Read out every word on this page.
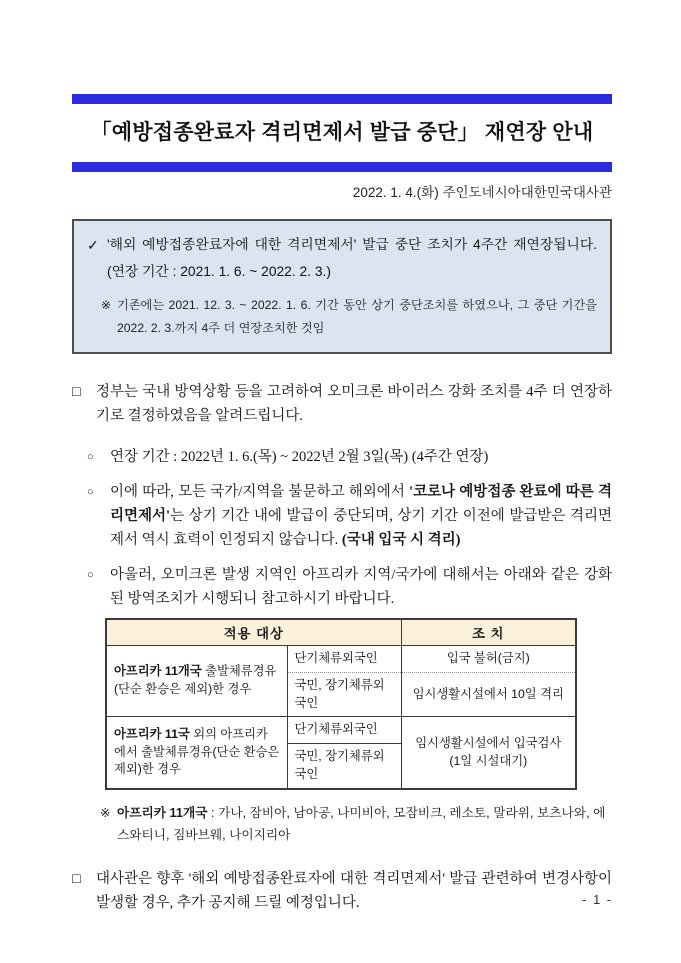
「예방접종완료자 격리면제서 발급 중단」 재연장 안내
2022. 1. 4.(화) 주인도네시아대한민국대사관
✓ '해외 예방접종완료자에 대한 격리면제서' 발급 중단 조치가 4주간 재연장됩니다. (연장 기간 : 2021. 1. 6. ~ 2022. 2. 3.)
※ 기존에는 2021. 12. 3. ~ 2022. 1. 6. 기간 동안 상기 중단조치를 하였으나, 그 중단 기간을 2022. 2. 3.까지 4주 더 연장조치한 것임
□	정부는 국내 방역상황 등을 고려하여 오미크론 바이러스 강화 조치를 4주 더 연장하기로 결정하였음을 알려드립니다.
○	연장 기간 : 2022년 1. 6.(목) ~ 2022년 2월 3일(목) (4주간 연장)
○	이에 따라, 모든 국가/지역을 불문하고 해외에서 '코로나 예방접종 완료에 따른 격리면제서'는 상기 기간 내에 발급이 중단되며, 상기 기간 이전에 발급받은 격리면제서 역시 효력이 인정되지 않습니다. (국내 입국 시 격리)
○	아울러, 오미크론 발생 지역인 아프리카 지역/국가에 대해서는 아래와 같은 강화된 방역조치가 시행되니 참고하시기 바랍니다.
적용 대상		조 치
아프리카 11개국 출발체류경유 (단순 환승은 제외)한 경우	단기체류외국인	입국 불허(금지)
	국민, 장기체류외국인	임시생활시설에서 10일 격리
아프리카 11국 외의 아프리카에서 출발체류경유(단순 환승은 제외)한 경우	단기체류외국인	임시생활시설에서 입국검사 (1일 시설대기)
	국민, 장기체류외국인	
※ 아프리카 11개국 : 가나, 잠비아, 남아공, 나미비아, 모잠비크, 레소토, 말라위, 보츠나와, 에스와티니, 짐바브웨, 나이지리아
□	대사관은 향후 '해외 예방접종완료자에 대한 격리면제서' 발급 관련하여 변경사항이 발생할 경우, 추가 공지해 드릴 예정입니다.	- 1 -
